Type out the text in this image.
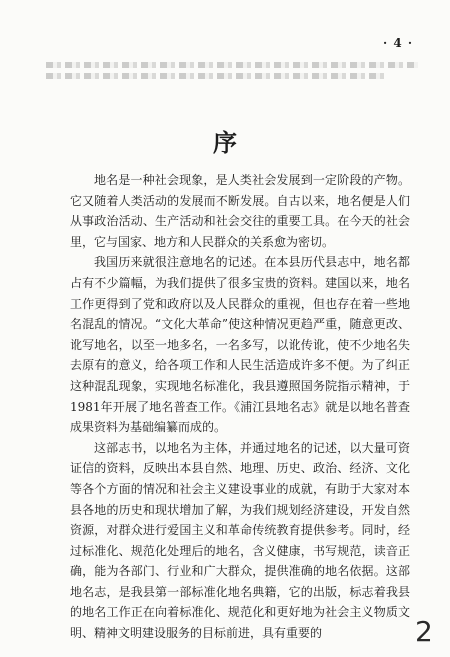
· 4 ·
序

地名是一种社会现象，是人类社会发展到一定阶段的产物。它又随着人类活动的发展而不断发展。自古以来，地名便是人们从事政治活动、生产活动和社会交往的重要工具。在今天的社会里，它与国家、地方和人民群众的关系愈为密切。

我国历来就很注意地名的记述。在本县历代县志中，地名都占有不少篇幅，为我们提供了很多宝贵的资料。建国以来，地名工作更得到了党和政府以及人民群众的重视，但也存在着一些地名混乱的情况。“文化大革命”使这种情况更趋严重，随意更改、讹写地名，以至一地多名，一名多写，以讹传讹，使不少地名失去原有的意义，给各项工作和人民生活造成许多不便。为了纠正这种混乱现象，实现地名标准化，我县遵照国务院指示精神，于1981年开展了地名普查工作。《浦江县地名志》就是以地名普查成果资料为基础编纂而成的。

这部志书，以地名为主体，并通过地名的记述，以大量可资证信的资料，反映出本县自然、地理、历史、政治、经济、文化等各个方面的情况和社会主义建设事业的成就，有助于大家对本县各地的历史和现状增加了解，为我们规划经济建设，开发自然资源，对群众进行爱国主义和革命传统教育提供参考。同时，经过标准化、规范化处理后的地名，含义健康，书写规范，读音正确，能为各部门、行业和广大群众，提供准确的地名依据。这部地名志，是我县第一部标准化地名典籍，它的出版，标志着我县的地名工作正在向着标准化、规范化和更好地为社会主义物质文明、精神文明建设服务的目标前进，具有重要的	2
